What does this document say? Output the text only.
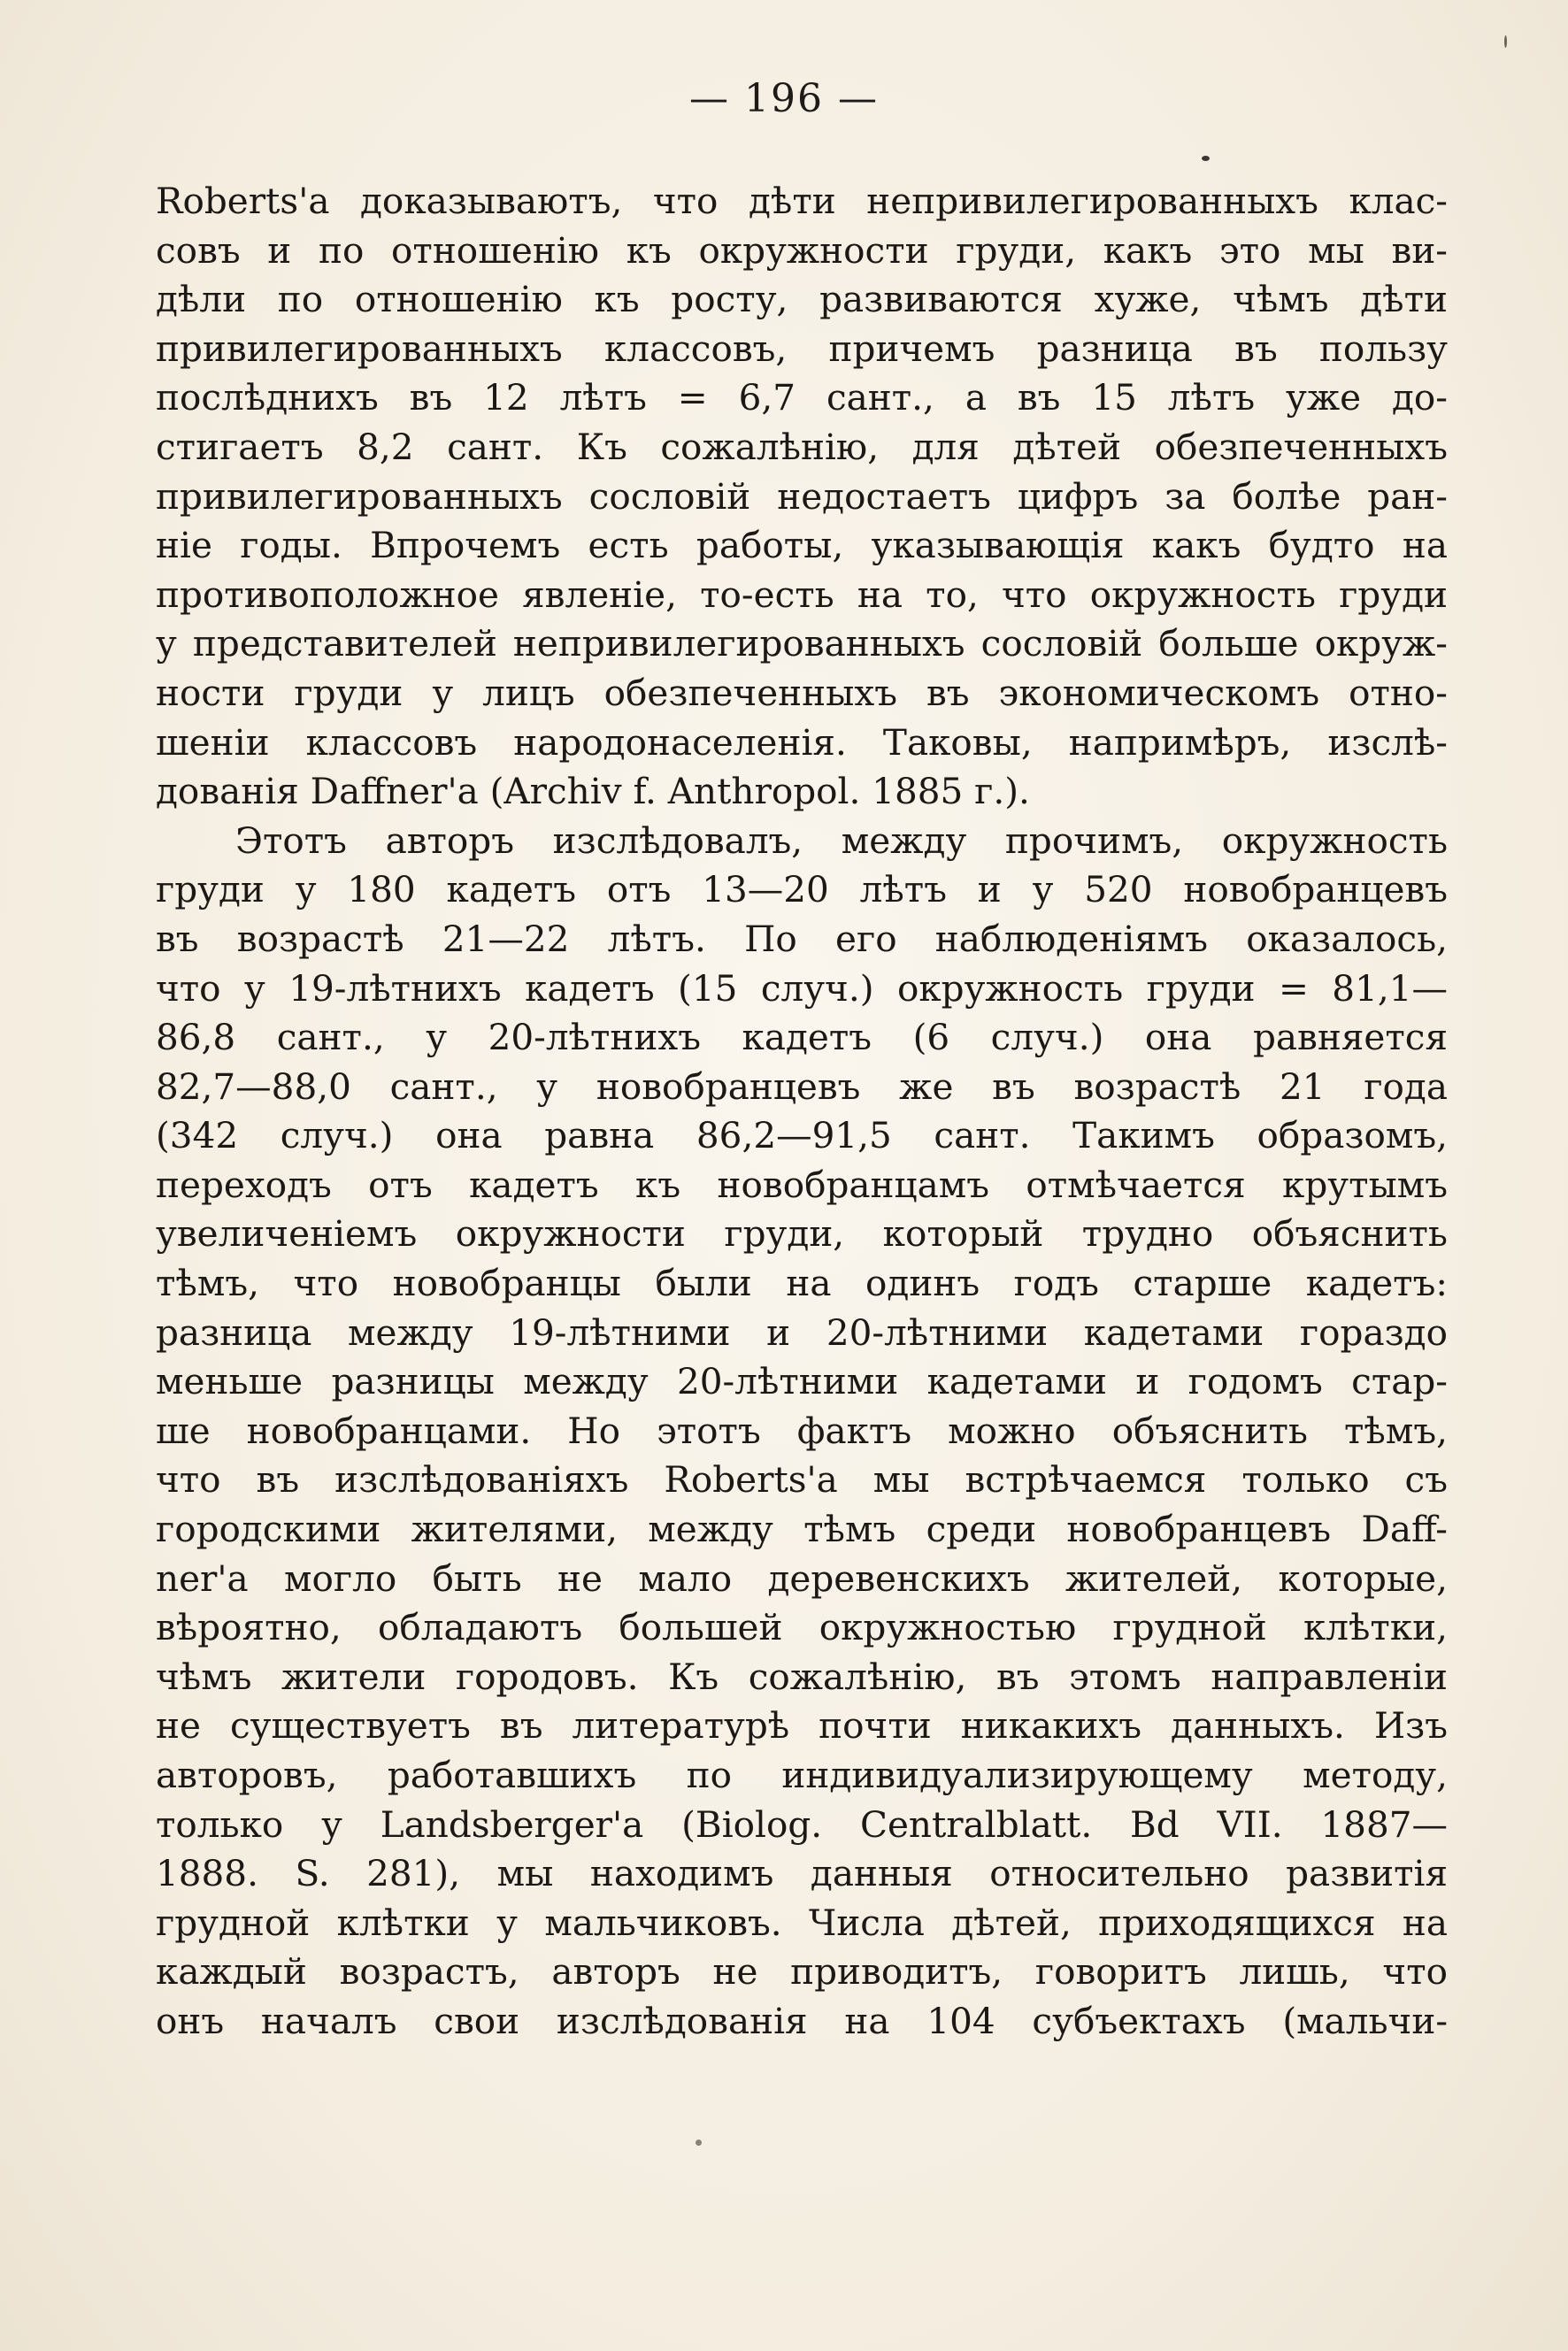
— 196 —
Roberts'а доказываютъ, что дѣти непривилегированныхъ клас-
совъ и по отношенію къ окружности груди, какъ это мы ви-
дѣли по отношенію къ росту, развиваются хуже, чѣмъ дѣти
привилегированныхъ классовъ, причемъ разница въ пользу
послѣднихъ въ 12 лѣтъ = 6,7 сант., а въ 15 лѣтъ уже до-
стигаетъ 8,2 сант. Къ сожалѣнію, для дѣтей обезпеченныхъ
привилегированныхъ сословій недостаетъ цифръ за болѣе ран-
ніе годы. Впрочемъ есть работы, указывающія какъ будто на
противоположное явленіе, то-есть на то, что окружность груди
у представителей непривилегированныхъ сословій больше окруж-
ности груди у лицъ обезпеченныхъ въ экономическомъ отно-
шеніи классовъ народонаселенія. Таковы, напримѣръ, изслѣ-
дованія Daffner'а (Archiv f. Anthropol. 1885 г.).
Этотъ авторъ изслѣдовалъ, между прочимъ, окружность
груди у 180 кадетъ отъ 13—20 лѣтъ и у 520 новобранцевъ
въ возрастѣ 21—22 лѣтъ. По его наблюденіямъ оказалось,
что у 19-лѣтнихъ кадетъ (15 случ.) окружность груди = 81,1—
86,8 сант., у 20-лѣтнихъ кадетъ (6 случ.) она равняется
82,7—88,0 сант., у новобранцевъ же въ возрастѣ 21 года
(342 случ.) она равна 86,2—91,5 сант. Такимъ образомъ,
переходъ отъ кадетъ къ новобранцамъ отмѣчается крутымъ
увеличеніемъ окружности груди, который трудно объяснить
тѣмъ, что новобранцы были на одинъ годъ старше кадетъ:
разница между 19-лѣтними и 20-лѣтними кадетами гораздо
меньше разницы между 20-лѣтними кадетами и годомъ стар-
ше новобранцами. Но этотъ фактъ можно объяснить тѣмъ,
что въ изслѣдованіяхъ Roberts'а мы встрѣчаемся только съ
городскими жителями, между тѣмъ среди новобранцевъ Daff-
ner'а могло быть не мало деревенскихъ жителей, которые,
вѣроятно, обладаютъ большей окружностью грудной клѣтки,
чѣмъ жители городовъ. Къ сожалѣнію, въ этомъ направленіи
не существуетъ въ литературѣ почти никакихъ данныхъ. Изъ
авторовъ, работавшихъ по индивидуализирующему методу,
только у Landsberger'а (Biolog. Centralblatt. Bd VII. 1887—
1888. S. 281), мы находимъ данныя относительно развитія
грудной клѣтки у мальчиковъ. Числа дѣтей, приходящихся на
каждый возрастъ, авторъ не приводитъ, говоритъ лишь, что
онъ началъ свои изслѣдованія на 104 субъектахъ (мальчи-
